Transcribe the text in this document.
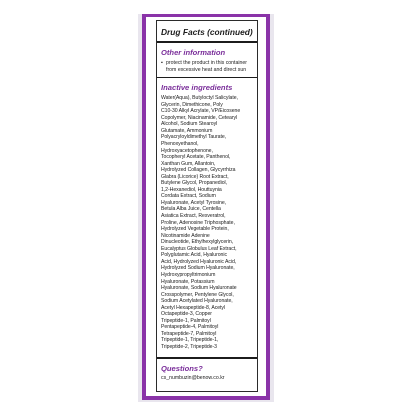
Drug Facts (continued)
Other information
▪ protect the product in this container from excessive heat and direct sun
Inactive ingredients
Water(Aqua), Butyloctyl Salicylate,
Glycerin, Dimethicone, Poly
C10-30 Alkyl Acrylate, VP/Eicosene
Copolymer, Niacinamide, Cetearyl
Alcohol, Sodium Stearoyl
Glutamate, Ammonium
Polyacryloyldimethyl Taurate,
Phenoxyethanol,
Hydroxyacetophenone,
Tocopheryl Acetate, Panthenol,
Xanthan Gum, Allantoin,
Hydrolyzed Collagen, Glycyrrhiza
Glabra (Licorice) Root Extract,
Butylene Glycol, Propanediol,
1,2-Hexanediol, Houttuynia
Cordata Extract, Sodium
Hyaluronate, Acetyl Tyrosine,
Betula Alba Juice, Centella
Asiatica Extract, Resveratrol,
Proline, Adenosine Triphosphate,
Hydrolyzed Vegetable Protein,
Nicotinamide Adenine
Dinucleotide, Ethylhexylglycerin,
Eucalyptus Globulus Leaf Extract,
Polyglutamic Acid, Hyaluronic
Acid, Hydrolyzed Hyaluronic Acid,
Hydrolyzed Sodium Hyaluronate,
Hydroxypropyltrimonium
Hyaluronate, Potassium
Hyaluronate, Sodium Hyaluronate
Crosspolymer, Pentylene Glycol,
Sodium Acetylated Hyaluronate,
Acetyl Hexapeptide-8, Acetyl
Octapeptide-3, Copper
Tripeptide-1, Palmitoyl
Pentapeptide-4, Palmitoyl
Tetrapeptide-7, Palmitoyl
Tripeptide-1, Tripeptide-1,
Tripeptide-2, Tripeptide-3
Questions?
cs_numbuzin@benow.co.kr
